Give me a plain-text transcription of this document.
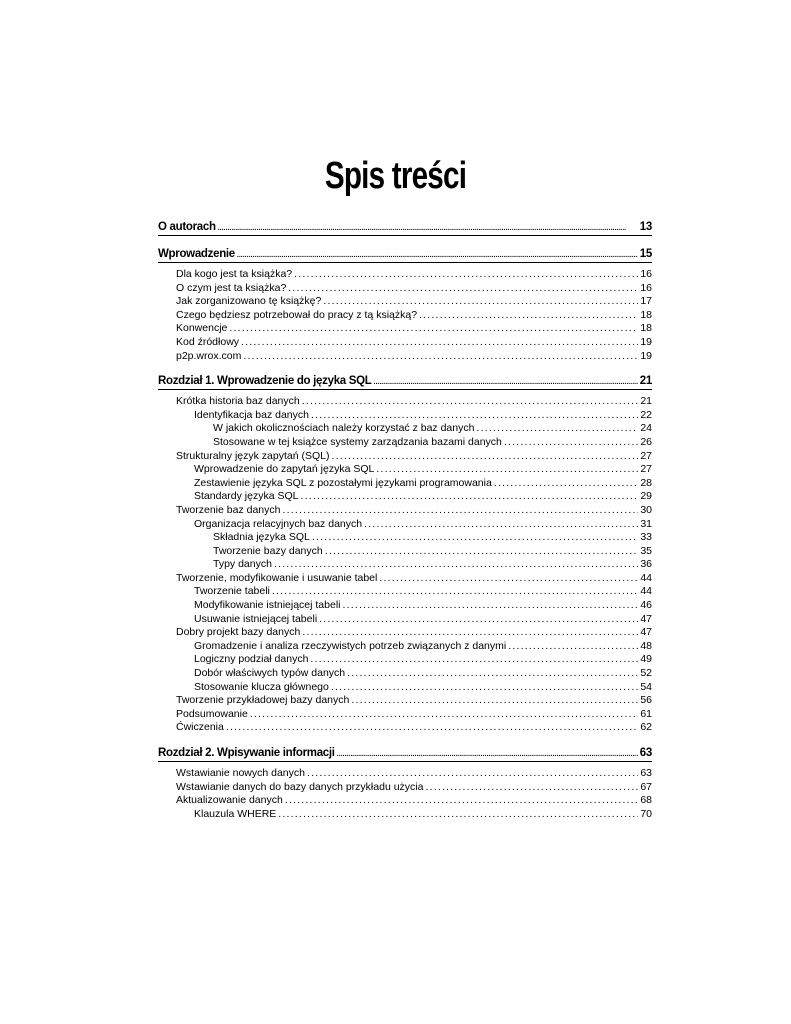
Spis treści
O autorach .....	13
Wprowadzenie .....	15
Dla kogo jest ta książka? .....	16
O czym jest ta książka? .....	16
Jak zorganizowano tę książkę? .....	17
Czego będziesz potrzebował do pracy z tą książką? .....	18
Konwencje .....	18
Kod źródłowy .....	19
p2p.wrox.com .....	19
Rozdział 1. Wprowadzenie do języka SQL .....	21
Krótka historia baz danych .....	21
Identyfikacja baz danych .....	22
W jakich okolicznościach należy korzystać z baz danych .....	24
Stosowane w tej książce systemy zarządzania bazami danych .....	26
Strukturalny język zapytań (SQL) .....	27
Wprowadzenie do zapytań języka SQL .....	27
Zestawienie języka SQL z pozostałymi językami programowania .....	28
Standardy języka SQL .....	29
Tworzenie baz danych .....	30
Organizacja relacyjnych baz danych .....	31
Składnia języka SQL .....	33
Tworzenie bazy danych .....	35
Typy danych .....	36
Tworzenie, modyfikowanie i usuwanie tabel .....	44
Tworzenie tabeli .....	44
Modyfikowanie istniejącej tabeli .....	46
Usuwanie istniejącej tabeli .....	47
Dobry projekt bazy danych .....	47
Gromadzenie i analiza rzeczywistych potrzeb związanych z danymi .....	48
Logiczny podział danych .....	49
Dobór właściwych typów danych .....	52
Stosowanie klucza głównego .....	54
Tworzenie przykładowej bazy danych .....	56
Podsumowanie .....	61
Ćwiczenia .....	62
Rozdział 2. Wpisywanie informacji .....	63
Wstawianie nowych danych .....	63
Wstawianie danych do bazy danych przykładu użycia .....	67
Aktualizowanie danych .....	68
Klauzula WHERE .....	70
